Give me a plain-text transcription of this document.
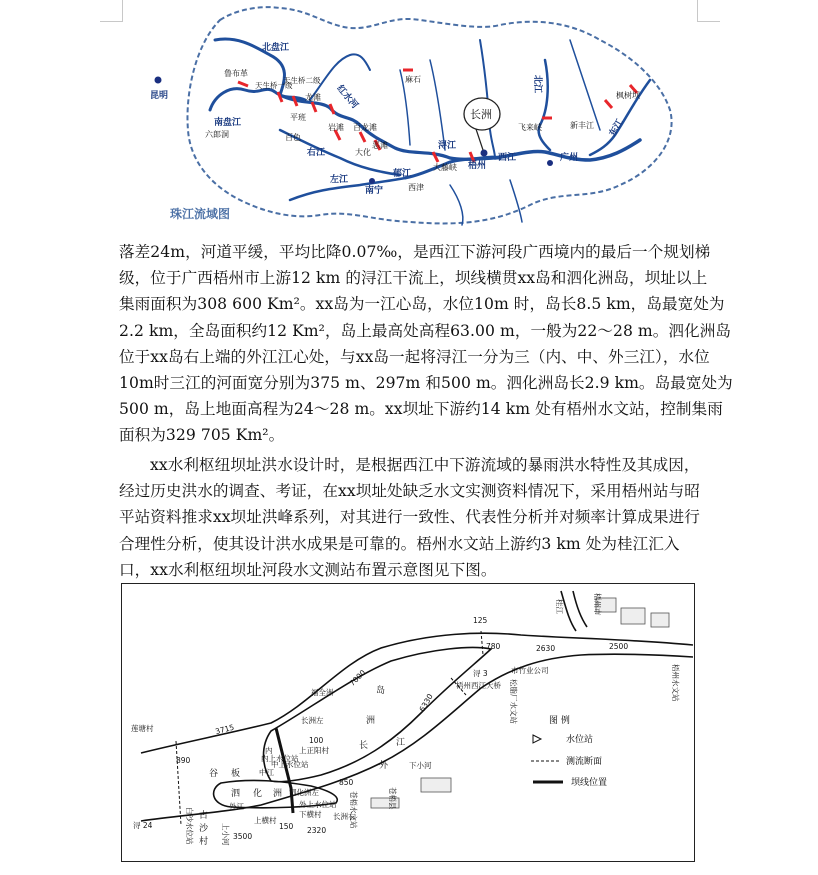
北盘江
昆明
鲁布革
天生桥一级
天生桥二级
红水河
龙滩
麻石
南盘江
六郎洞
平班
百色
岩滩 百龙滩
大化
恶滩
右江
左江
郁江
南宁	西津
浔江
大藤峡 梧州
西江
长洲
北江
飞来峡
广州
新丰江
枫树坝
东江
珠江流域图

落差24m，河道平缓，平均比降0.07‰，是西江下游河段广西境内的最后一个规划梯
级，位于广西梧州市上游12 km 的浔江干流上，坝线横贯xx岛和泗化洲岛，坝址以上
集雨面积为308 600 Km²。xx岛为一江心岛，水位10m 时，岛长8.5 km，岛最宽处为
2.2 km，全岛面积约12 Km²，岛上最高处高程63.00 m，一般为22～28 m。泗化洲岛
位于xx岛右上端的外江江心处，与xx岛一起将浔江一分为三（内、中、外三江），水位
10m时三江的河面宽分别为375 m、297m 和500 m。泗化洲岛长2.9 km。岛最宽处为
500 m，岛上地面高程为24～28 m。xx坝址下游约14 km 处有梧州水文站，控制集雨
面积为329 705 Km²。

xx水利枢纽坝址洪水设计时，是根据西江中下游流域的暴雨洪水特性及其成因，
经过历史洪水的调查、考证，在xx坝址处缺乏水文实测资料情况下，采用梧州站与昭
平站资料推求xx坝址洪峰系列，对其进行一致性、代表性分析并对频率计算成果进行
合理性分析，使其设计洪水成果是可靠的。梧州水文站上游约3 km 处为桂江汇入
口，xx水利枢纽坝址河段水文测站布置示意图见下图。

图 例
水位站
测流断面
坝线位置
桂江	梧州市
梧州水文站
125
780	2630	2500
市竹业公司
浔 3
松脂厂水文站
梧州西江大桥
福全洲
7000
岛
洲
长
6330
江
外
莲塘村	3715
长洲左
100
内
内上水位站
上正阳村
890
谷 板	中江
中上水位站
850
下小河
泗 化 洲 泗化洲左	苍梧县
苍梧水文站
外江	外上水位站
下横村 长洲右
上横村
150 2320
浔 24	白沙水位站 古
沙
村 上小河 3500
